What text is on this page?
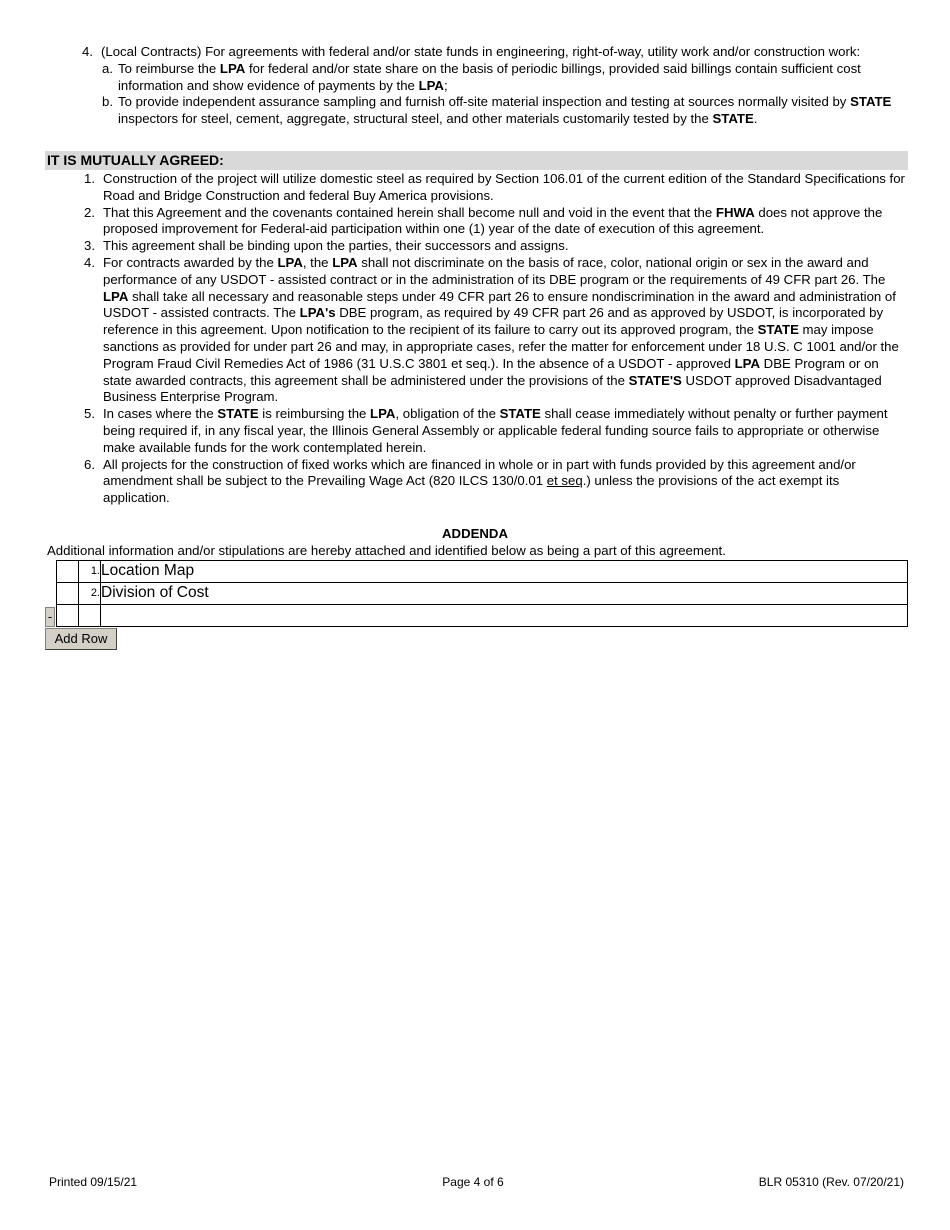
4. (Local Contracts) For agreements with federal and/or state funds in engineering, right-of-way, utility work and/or construction work:
a. To reimburse the LPA for federal and/or state share on the basis of periodic billings, provided said billings contain sufficient cost information and show evidence of payments by the LPA;
b. To provide independent assurance sampling and furnish off-site material inspection and testing at sources normally visited by STATE inspectors for steel, cement, aggregate, structural steel, and other materials customarily tested by the STATE.
IT IS MUTUALLY AGREED:
1. Construction of the project will utilize domestic steel as required by Section 106.01 of the current edition of the Standard Specifications for Road and Bridge Construction and federal Buy America provisions.
2. That this Agreement and the covenants contained herein shall become null and void in the event that the FHWA does not approve the proposed improvement for Federal-aid participation within one (1) year of the date of execution of this agreement.
3. This agreement shall be binding upon the parties, their successors and assigns.
4. For contracts awarded by the LPA, the LPA shall not discriminate on the basis of race, color, national origin or sex in the award and performance of any USDOT - assisted contract or in the administration of its DBE program or the requirements of 49 CFR part 26. The LPA shall take all necessary and reasonable steps under 49 CFR part 26 to ensure nondiscrimination in the award and administration of USDOT - assisted contracts. The LPA's DBE program, as required by 49 CFR part 26 and as approved by USDOT, is incorporated by reference in this agreement. Upon notification to the recipient of its failure to carry out its approved program, the STATE may impose sanctions as provided for under part 26 and may, in appropriate cases, refer the matter for enforcement under 18 U.S. C 1001 and/or the Program Fraud Civil Remedies Act of 1986 (31 U.S.C 3801 et seq.). In the absence of a USDOT - approved LPA DBE Program or on state awarded contracts, this agreement shall be administered under the provisions of the STATE'S USDOT approved Disadvantaged Business Enterprise Program.
5. In cases where the STATE is reimbursing the LPA, obligation of the STATE shall cease immediately without penalty or further payment being required if, in any fiscal year, the Illinois General Assembly or applicable federal funding source fails to appropriate or otherwise make available funds for the work contemplated herein.
6. All projects for the construction of fixed works which are financed in whole or in part with funds provided by this agreement and/or amendment shall be subject to the Prevailing Wage Act (820 ILCS 130/0.01 et seq.) unless the provisions of the act exempt its application.
ADDENDA
Additional information and/or stipulations are hereby attached and identified below as being a part of this agreement.
	1.	Location Map
	2.	Division of Cost

-
Add Row
Printed 09/15/21	Page 4 of 6	BLR 05310 (Rev. 07/20/21)
